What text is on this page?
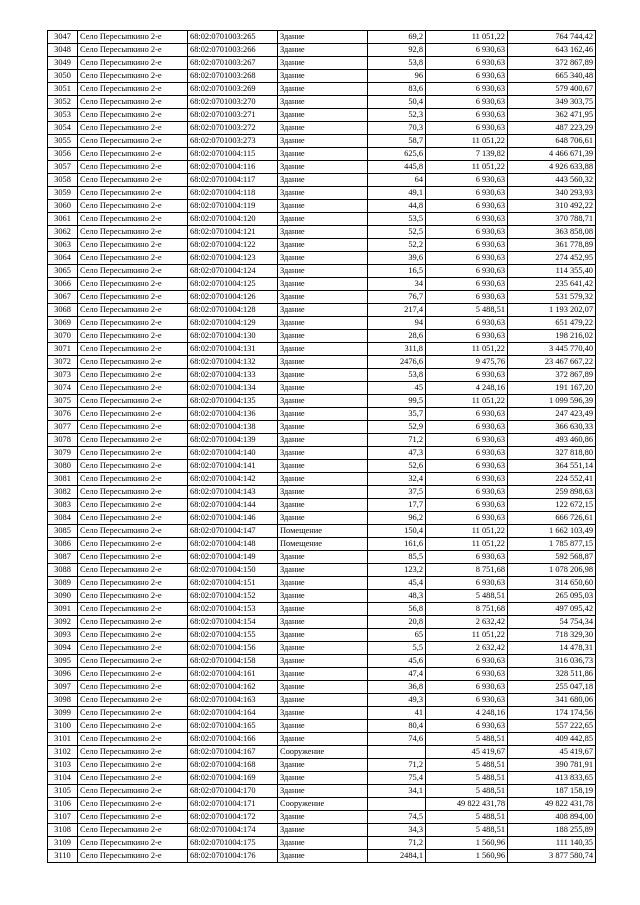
3047	Село Пересыпкино 2-е	68:02:0701003:265	Здание	69,2	11 051,22	764 744,42
3048	Село Пересыпкино 2-е	68:02:0701003:266	Здание	92,8	6 930,63	643 162,46
3049	Село Пересыпкино 2-е	68:02:0701003:267	Здание	53,8	6 930,63	372 867,89
3050	Село Пересыпкино 2-е	68:02:0701003:268	Здание	96	6 930,63	665 340,48
3051	Село Пересыпкино 2-е	68:02:0701003:269	Здание	83,6	6 930,63	579 400,67
3052	Село Пересыпкино 2-е	68:02:0701003:270	Здание	50,4	6 930,63	349 303,75
3053	Село Пересыпкино 2-е	68:02:0701003:271	Здание	52,3	6 930,63	362 471,95
3054	Село Пересыпкино 2-е	68:02:0701003:272	Здание	70,3	6 930,63	487 223,29
3055	Село Пересыпкино 2-е	68:02:0701003:273	Здание	58,7	11 051,22	648 706,61
3056	Село Пересыпкино 2-е	68:02:0701004:115	Здание	625,6	7 139,82	4 466 671,39
3057	Село Пересыпкино 2-е	68:02:0701004:116	Здание	445,8	11 051,22	4 926 633,88
3058	Село Пересыпкино 2-е	68:02:0701004:117	Здание	64	6 930,63	443 560,32
3059	Село Пересыпкино 2-е	68:02:0701004:118	Здание	49,1	6 930,63	340 293,93
3060	Село Пересыпкино 2-е	68:02:0701004:119	Здание	44,8	6 930,63	310 492,22
3061	Село Пересыпкино 2-е	68:02:0701004:120	Здание	53,5	6 930,63	370 788,71
3062	Село Пересыпкино 2-е	68:02:0701004:121	Здание	52,5	6 930,63	363 858,08
3063	Село Пересыпкино 2-е	68:02:0701004:122	Здание	52,2	6 930,63	361 778,89
3064	Село Пересыпкино 2-е	68:02:0701004:123	Здание	39,6	6 930,63	274 452,95
3065	Село Пересыпкино 2-е	68:02:0701004:124	Здание	16,5	6 930,63	114 355,40
3066	Село Пересыпкино 2-е	68:02:0701004:125	Здание	34	6 930,63	235 641,42
3067	Село Пересыпкино 2-е	68:02:0701004:126	Здание	76,7	6 930,63	531 579,32
3068	Село Пересыпкино 2-е	68:02:0701004:128	Здание	217,4	5 488,51	1 193 202,07
3069	Село Пересыпкино 2-е	68:02:0701004:129	Здание	94	6 930,63	651 479,22
3070	Село Пересыпкино 2-е	68:02:0701004:130	Здание	28,6	6 930,63	198 216,02
3071	Село Пересыпкино 2-е	68:02:0701004:131	Здание	311,8	11 051,22	3 445 770,40
3072	Село Пересыпкино 2-е	68:02:0701004:132	Здание	2476,6	9 475,76	23 467 667,22
3073	Село Пересыпкино 2-е	68:02:0701004:133	Здание	53,8	6 930,63	372 867,89
3074	Село Пересыпкино 2-е	68:02:0701004:134	Здание	45	4 248,16	191 167,20
3075	Село Пересыпкино 2-е	68:02:0701004:135	Здание	99,5	11 051,22	1 099 596,39
3076	Село Пересыпкино 2-е	68:02:0701004:136	Здание	35,7	6 930,63	247 423,49
3077	Село Пересыпкино 2-е	68:02:0701004:138	Здание	52,9	6 930,63	366 630,33
3078	Село Пересыпкино 2-е	68:02:0701004:139	Здание	71,2	6 930,63	493 460,86
3079	Село Пересыпкино 2-е	68:02:0701004:140	Здание	47,3	6 930,63	327 818,80
3080	Село Пересыпкино 2-е	68:02:0701004:141	Здание	52,6	6 930,63	364 551,14
3081	Село Пересыпкино 2-е	68:02:0701004:142	Здание	32,4	6 930,63	224 552,41
3082	Село Пересыпкино 2-е	68:02:0701004:143	Здание	37,5	6 930,63	259 898,63
3083	Село Пересыпкино 2-е	68:02:0701004:144	Здание	17,7	6 930,63	122 672,15
3084	Село Пересыпкино 2-е	68:02:0701004:146	Здание	96,2	6 930,63	666 726,61
3085	Село Пересыпкино 2-е	68:02:0701004:147	Помещение	150,4	11 051,22	1 662 103,49
3086	Село Пересыпкино 2-е	68:02:0701004:148	Помещение	161,6	11 051,22	1 785 877,15
3087	Село Пересыпкино 2-е	68:02:0701004:149	Здание	85,5	6 930,63	592 568,87
3088	Село Пересыпкино 2-е	68:02:0701004:150	Здание	123,2	8 751,68	1 078 206,98
3089	Село Пересыпкино 2-е	68:02:0701004:151	Здание	45,4	6 930,63	314 650,60
3090	Село Пересыпкино 2-е	68:02:0701004:152	Здание	48,3	5 488,51	265 095,03
3091	Село Пересыпкино 2-е	68:02:0701004:153	Здание	56,8	8 751,68	497 095,42
3092	Село Пересыпкино 2-е	68:02:0701004:154	Здание	20,8	2 632,42	54 754,34
3093	Село Пересыпкино 2-е	68:02:0701004:155	Здание	65	11 051,22	718 329,30
3094	Село Пересыпкино 2-е	68:02:0701004:156	Здание	5,5	2 632,42	14 478,31
3095	Село Пересыпкино 2-е	68:02:0701004:158	Здание	45,6	6 930,63	316 036,73
3096	Село Пересыпкино 2-е	68:02:0701004:161	Здание	47,4	6 930,63	328 511,86
3097	Село Пересыпкино 2-е	68:02:0701004:162	Здание	36,8	6 930,63	255 047,18
3098	Село Пересыпкино 2-е	68:02:0701004:163	Здание	49,3	6 930,63	341 680,06
3099	Село Пересыпкино 2-е	68:02:0701004:164	Здание	41	4 248,16	174 174,56
3100	Село Пересыпкино 2-е	68:02:0701004:165	Здание	80,4	6 930,63	557 222,65
3101	Село Пересыпкино 2-е	68:02:0701004:166	Здание	74,6	5 488,51	409 442,85
3102	Село Пересыпкино 2-е	68:02:0701004:167	Сооружение		45 419,67	45 419,67
3103	Село Пересыпкино 2-е	68:02:0701004:168	Здание	71,2	5 488,51	390 781,91
3104	Село Пересыпкино 2-е	68:02:0701004:169	Здание	75,4	5 488,51	413 833,65
3105	Село Пересыпкино 2-е	68:02:0701004:170	Здание	34,1	5 488,51	187 158,19
3106	Село Пересыпкино 2-е	68:02:0701004:171	Сооружение		49 822 431,78	49 822 431,78
3107	Село Пересыпкино 2-е	68:02:0701004:172	Здание	74,5	5 488,51	408 894,00
3108	Село Пересыпкино 2-е	68:02:0701004:174	Здание	34,3	5 488,51	188 255,89
3109	Село Пересыпкино 2-е	68:02:0701004:175	Здание	71,2	1 560,96	111 140,35
3110	Село Пересыпкино 2-е	68:02:0701004:176	Здание	2484,1	1 560,96	3 877 580,74
